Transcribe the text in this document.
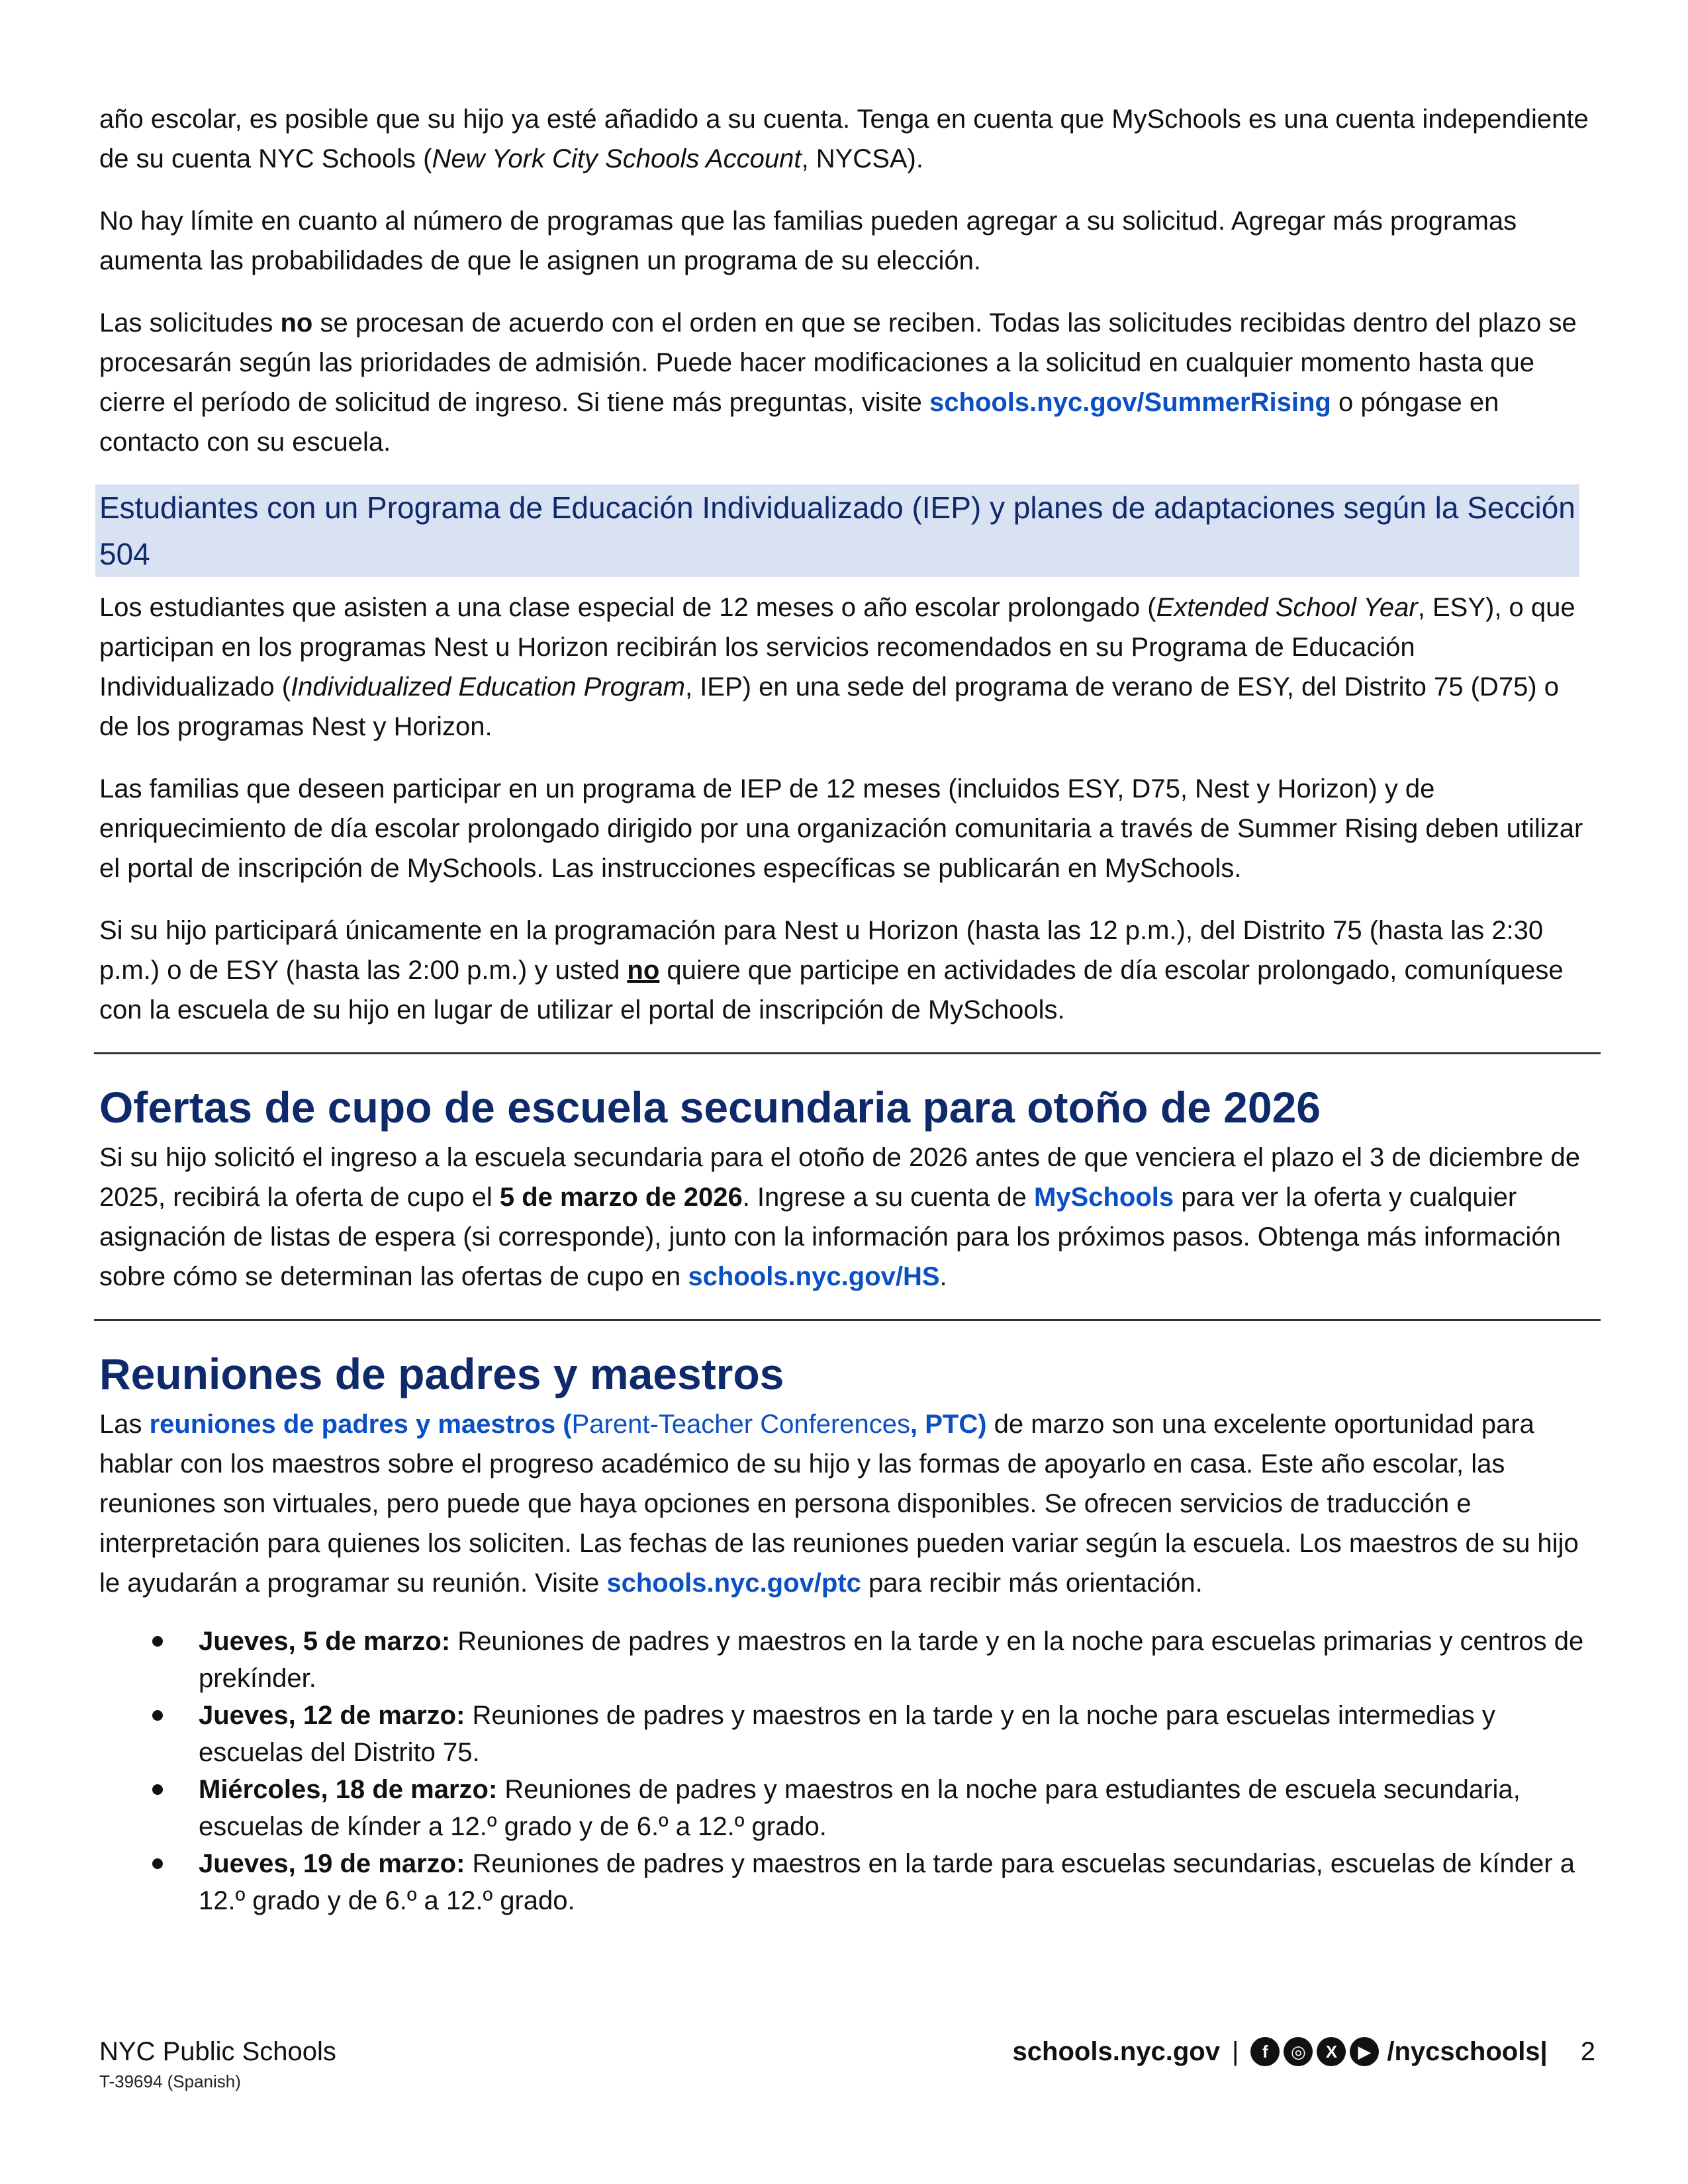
año escolar, es posible que su hijo ya esté añadido a su cuenta. Tenga en cuenta que MySchools es una cuenta independiente de su cuenta NYC Schools (New York City Schools Account, NYCSA).

No hay límite en cuanto al número de programas que las familias pueden agregar a su solicitud. Agregar más programas aumenta las probabilidades de que le asignen un programa de su elección.

Las solicitudes no se procesan de acuerdo con el orden en que se reciben. Todas las solicitudes recibidas dentro del plazo se procesarán según las prioridades de admisión. Puede hacer modificaciones a la solicitud en cualquier momento hasta que cierre el período de solicitud de ingreso. Si tiene más preguntas, visite schools.nyc.gov/SummerRising o póngase en contacto con su escuela.

Estudiantes con un Programa de Educación Individualizado (IEP) y planes de adaptaciones según la Sección 504

Los estudiantes que asisten a una clase especial de 12 meses o año escolar prolongado (Extended School Year, ESY), o que participan en los programas Nest u Horizon recibirán los servicios recomendados en su Programa de Educación Individualizado (Individualized Education Program, IEP) en una sede del programa de verano de ESY, del Distrito 75 (D75) o de los programas Nest y Horizon.

Las familias que deseen participar en un programa de IEP de 12 meses (incluidos ESY, D75, Nest y Horizon) y de enriquecimiento de día escolar prolongado dirigido por una organización comunitaria a través de Summer Rising deben utilizar el portal de inscripción de MySchools. Las instrucciones específicas se publicarán en MySchools.

Si su hijo participará únicamente en la programación para Nest u Horizon (hasta las 12 p.m.), del Distrito 75 (hasta las 2:30 p.m.) o de ESY (hasta las 2:00 p.m.) y usted no quiere que participe en actividades de día escolar prolongado, comuníquese con la escuela de su hijo en lugar de utilizar el portal de inscripción de MySchools.

Ofertas de cupo de escuela secundaria para otoño de 2026

Si su hijo solicitó el ingreso a la escuela secundaria para el otoño de 2026 antes de que venciera el plazo el 3 de diciembre de 2025, recibirá la oferta de cupo el 5 de marzo de 2026. Ingrese a su cuenta de MySchools para ver la oferta y cualquier asignación de listas de espera (si corresponde), junto con la información para los próximos pasos. Obtenga más información sobre cómo se determinan las ofertas de cupo en schools.nyc.gov/HS.

Reuniones de padres y maestros

Las reuniones de padres y maestros (Parent-Teacher Conferences, PTC) de marzo son una excelente oportunidad para hablar con los maestros sobre el progreso académico de su hijo y las formas de apoyarlo en casa. Este año escolar, las reuniones son virtuales, pero puede que haya opciones en persona disponibles. Se ofrecen servicios de traducción e interpretación para quienes los soliciten. Las fechas de las reuniones pueden variar según la escuela. Los maestros de su hijo le ayudarán a programar su reunión. Visite schools.nyc.gov/ptc para recibir más orientación.

Jueves, 5 de marzo: Reuniones de padres y maestros en la tarde y en la noche para escuelas primarias y centros de prekínder.
Jueves, 12 de marzo: Reuniones de padres y maestros en la tarde y en la noche para escuelas intermedias y escuelas del Distrito 75.
Miércoles, 18 de marzo: Reuniones de padres y maestros en la noche para estudiantes de escuela secundaria, escuelas de kínder a 12.º grado y de 6.º a 12.º grado.
Jueves, 19 de marzo: Reuniones de padres y maestros en la tarde para escuelas secundarias, escuelas de kínder a 12.º grado y de 6.º a 12.º grado.
NYC Public Schools
T-39694 (Spanish)
schools.nyc.gov |	f	◎	X	▶ /nycschools| 2
